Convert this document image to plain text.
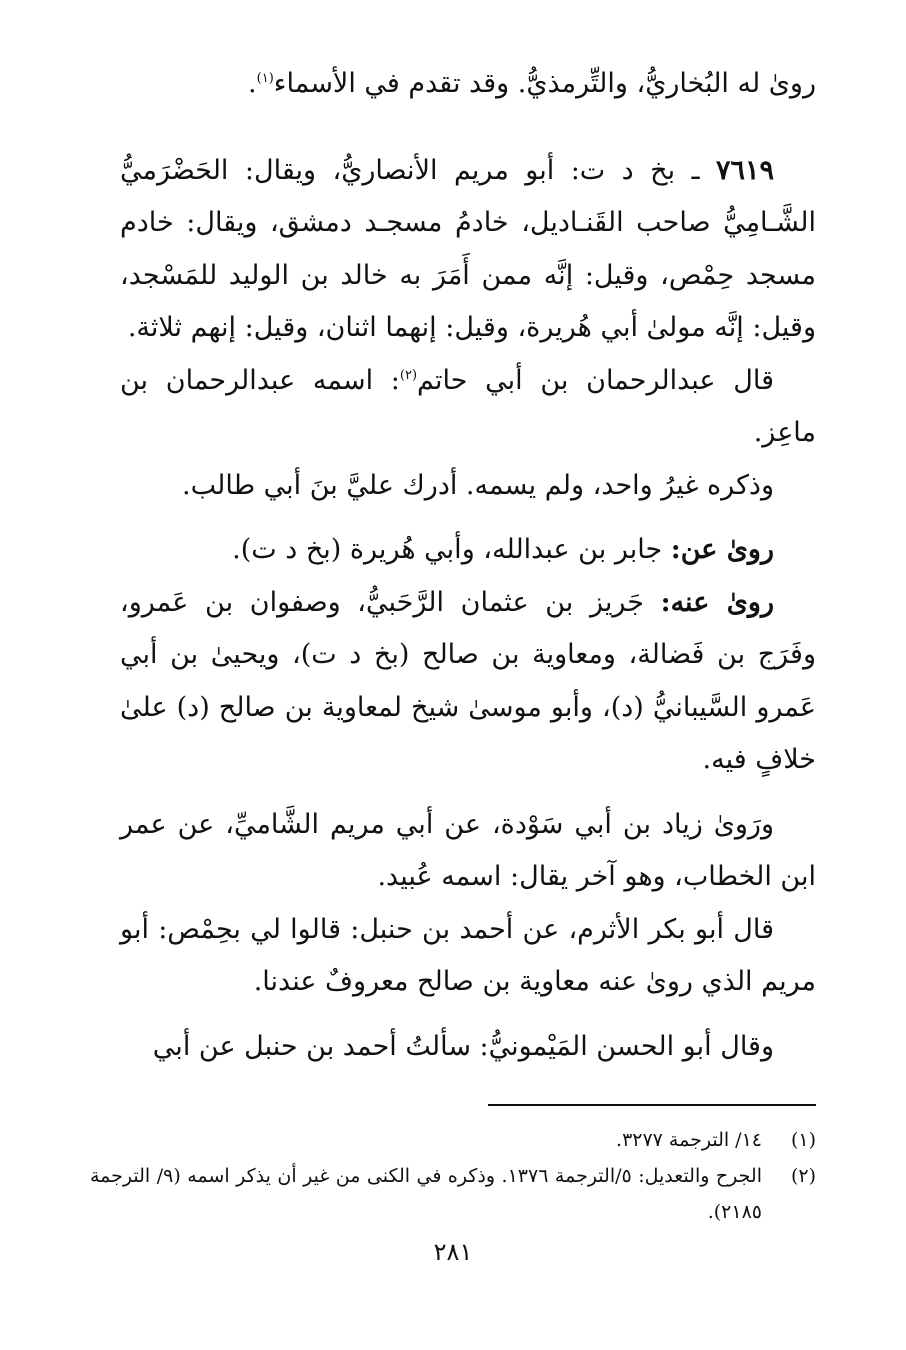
روىٰ له البُخاريُّ، والتِّرمذيُّ. وقد تقدم في الأسماء$^{(١)}$.

٧٦١٩ ـ بخ د ت: أبو مريم الأنصاريُّ، ويقال: الحَضْرَميُّ الشَّـامِيُّ صاحب القَنـاديل، خادمُ مسجـد دمشق، ويقال: خادم مسجد حِمْص، وقيل: إنَّه ممن أَمَرَ به خالد بن الوليد للمَسْجد، وقيل: إنَّه مولىٰ أبي هُريرة، وقيل: إنهما اثنان، وقيل: إنهم ثلاثة.

قال عبدالرحمان بن أبي حاتم$^{(٢)}$: اسمه عبدالرحمان بن ماعِز.

وذكره غيرُ واحد، ولم يسمه. أدرك عليَّ بنَ أبي طالب.

روىٰ عن: جابر بن عبدالله، وأبي هُريرة (بخ د ت).

روىٰ عنه: جَريز بن عثمان الرَّحَبيُّ، وصفوان بن عَمرو، وفَرَج بن فَضالة، ومعاوية بن صالح (بخ د ت)، ويحيىٰ بن أبي عَمرو السَّيبانيُّ (د)، وأبو موسىٰ شيخ لمعاوية بن صالح (د) علىٰ خلافٍ فيه.

ورَوىٰ زياد بن أبي سَوْدة، عن أبي مريم الشَّاميِّ، عن عمر ابن الخطاب، وهو آخر يقال: اسمه عُبيد.

قال أبو بكر الأثرم، عن أحمد بن حنبل: قالوا لي بحِمْص: أبو مريم الذي روىٰ عنه معاوية بن صالح معروفٌ عندنا.

وقال أبو الحسن المَيْمونيُّ: سألتُ أحمد بن حنبل عن أبي

(١)
١٤/ الترجمة ٣٢٧٧.
(٢)
الجرح والتعديل: ٥/الترجمة ١٣٧٦. وذكره في الكنى من غير أن يذكر اسمه (٩/ الترجمة ٢١٨٥).
٢٨١
